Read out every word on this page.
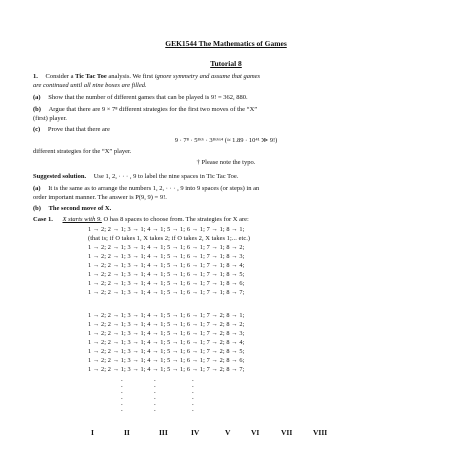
GEK1544 The Mathematics of Games
Tutorial 8
1. Consider a Tic Tac Toe analysis. We first ignore symmetry and assume that games
are continued until all nine boxes are filled.
(a) Show that the number of different games that can be played is 9! = 362, 880.
(b) Argue that there are 9 × 7⁸ different strategies for the first two moves of the “X”
(first) player.
(c) Prove that that there are
9 · 7⁸ · 5⁸ˣ⁶ · 3⁸ˣ⁶ˣ⁴ (≈ 1.89 · 10⁴¹ ≫ 9!)
different strategies for the “X” player.
† Please note the typo.
Suggested solution. Use 1, 2, · · · , 9 to label the nine spaces in Tic Tac Toe.
(a) It is the same as to arrange the numbers 1, 2, · · · , 9 into 9 spaces (or steps) in an
order important manner. The answer is P(9, 9) = 9!.
(b) The second move of X.
Case 1. X starts with 9. O has 8 spaces to choose from. The strategies for X are:
1 → 2; 2 → 1; 3 → 1; 4 → 1; 5 → 1; 6 → 1; 7 → 1; 8 → 1;
(that is; if O takes 1, X takes 2; if O takes 2, X takes 1;... etc.)
1 → 2; 2 → 1; 3 → 1; 4 → 1; 5 → 1; 6 → 1; 7 → 1; 8 → 2;
1 → 2; 2 → 1; 3 → 1; 4 → 1; 5 → 1; 6 → 1; 7 → 1; 8 → 3;
1 → 2; 2 → 1; 3 → 1; 4 → 1; 5 → 1; 6 → 1; 7 → 1; 8 → 4;
1 → 2; 2 → 1; 3 → 1; 4 → 1; 5 → 1; 6 → 1; 7 → 1; 8 → 5;
1 → 2; 2 → 1; 3 → 1; 4 → 1; 5 → 1; 6 → 1; 7 → 1; 8 → 6;
1 → 2; 2 → 1; 3 → 1; 4 → 1; 5 → 1; 6 → 1; 7 → 1; 8 → 7;
1 → 2; 2 → 1; 3 → 1; 4 → 1; 5 → 1; 6 → 1; 7 → 2; 8 → 1;
1 → 2; 2 → 1; 3 → 1; 4 → 1; 5 → 1; 6 → 1; 7 → 2; 8 → 2;
1 → 2; 2 → 1; 3 → 1; 4 → 1; 5 → 1; 6 → 1; 7 → 2; 8 → 3;
1 → 2; 2 → 1; 3 → 1; 4 → 1; 5 → 1; 6 → 1; 7 → 2; 8 → 4;
1 → 2; 2 → 1; 3 → 1; 4 → 1; 5 → 1; 6 → 1; 7 → 2; 8 → 5;
1 → 2; 2 → 1; 3 → 1; 4 → 1; 5 → 1; 6 → 1; 7 → 2; 8 → 6;
1 → 2; 2 → 1; 3 → 1; 4 → 1; 5 → 1; 6 → 1; 7 → 2; 8 → 7;
.
.
.
.
.
.
.
.
.
.
.
.
.
.
.
.
.
.
I	II	III	IV	V	VI	VII	VIII
